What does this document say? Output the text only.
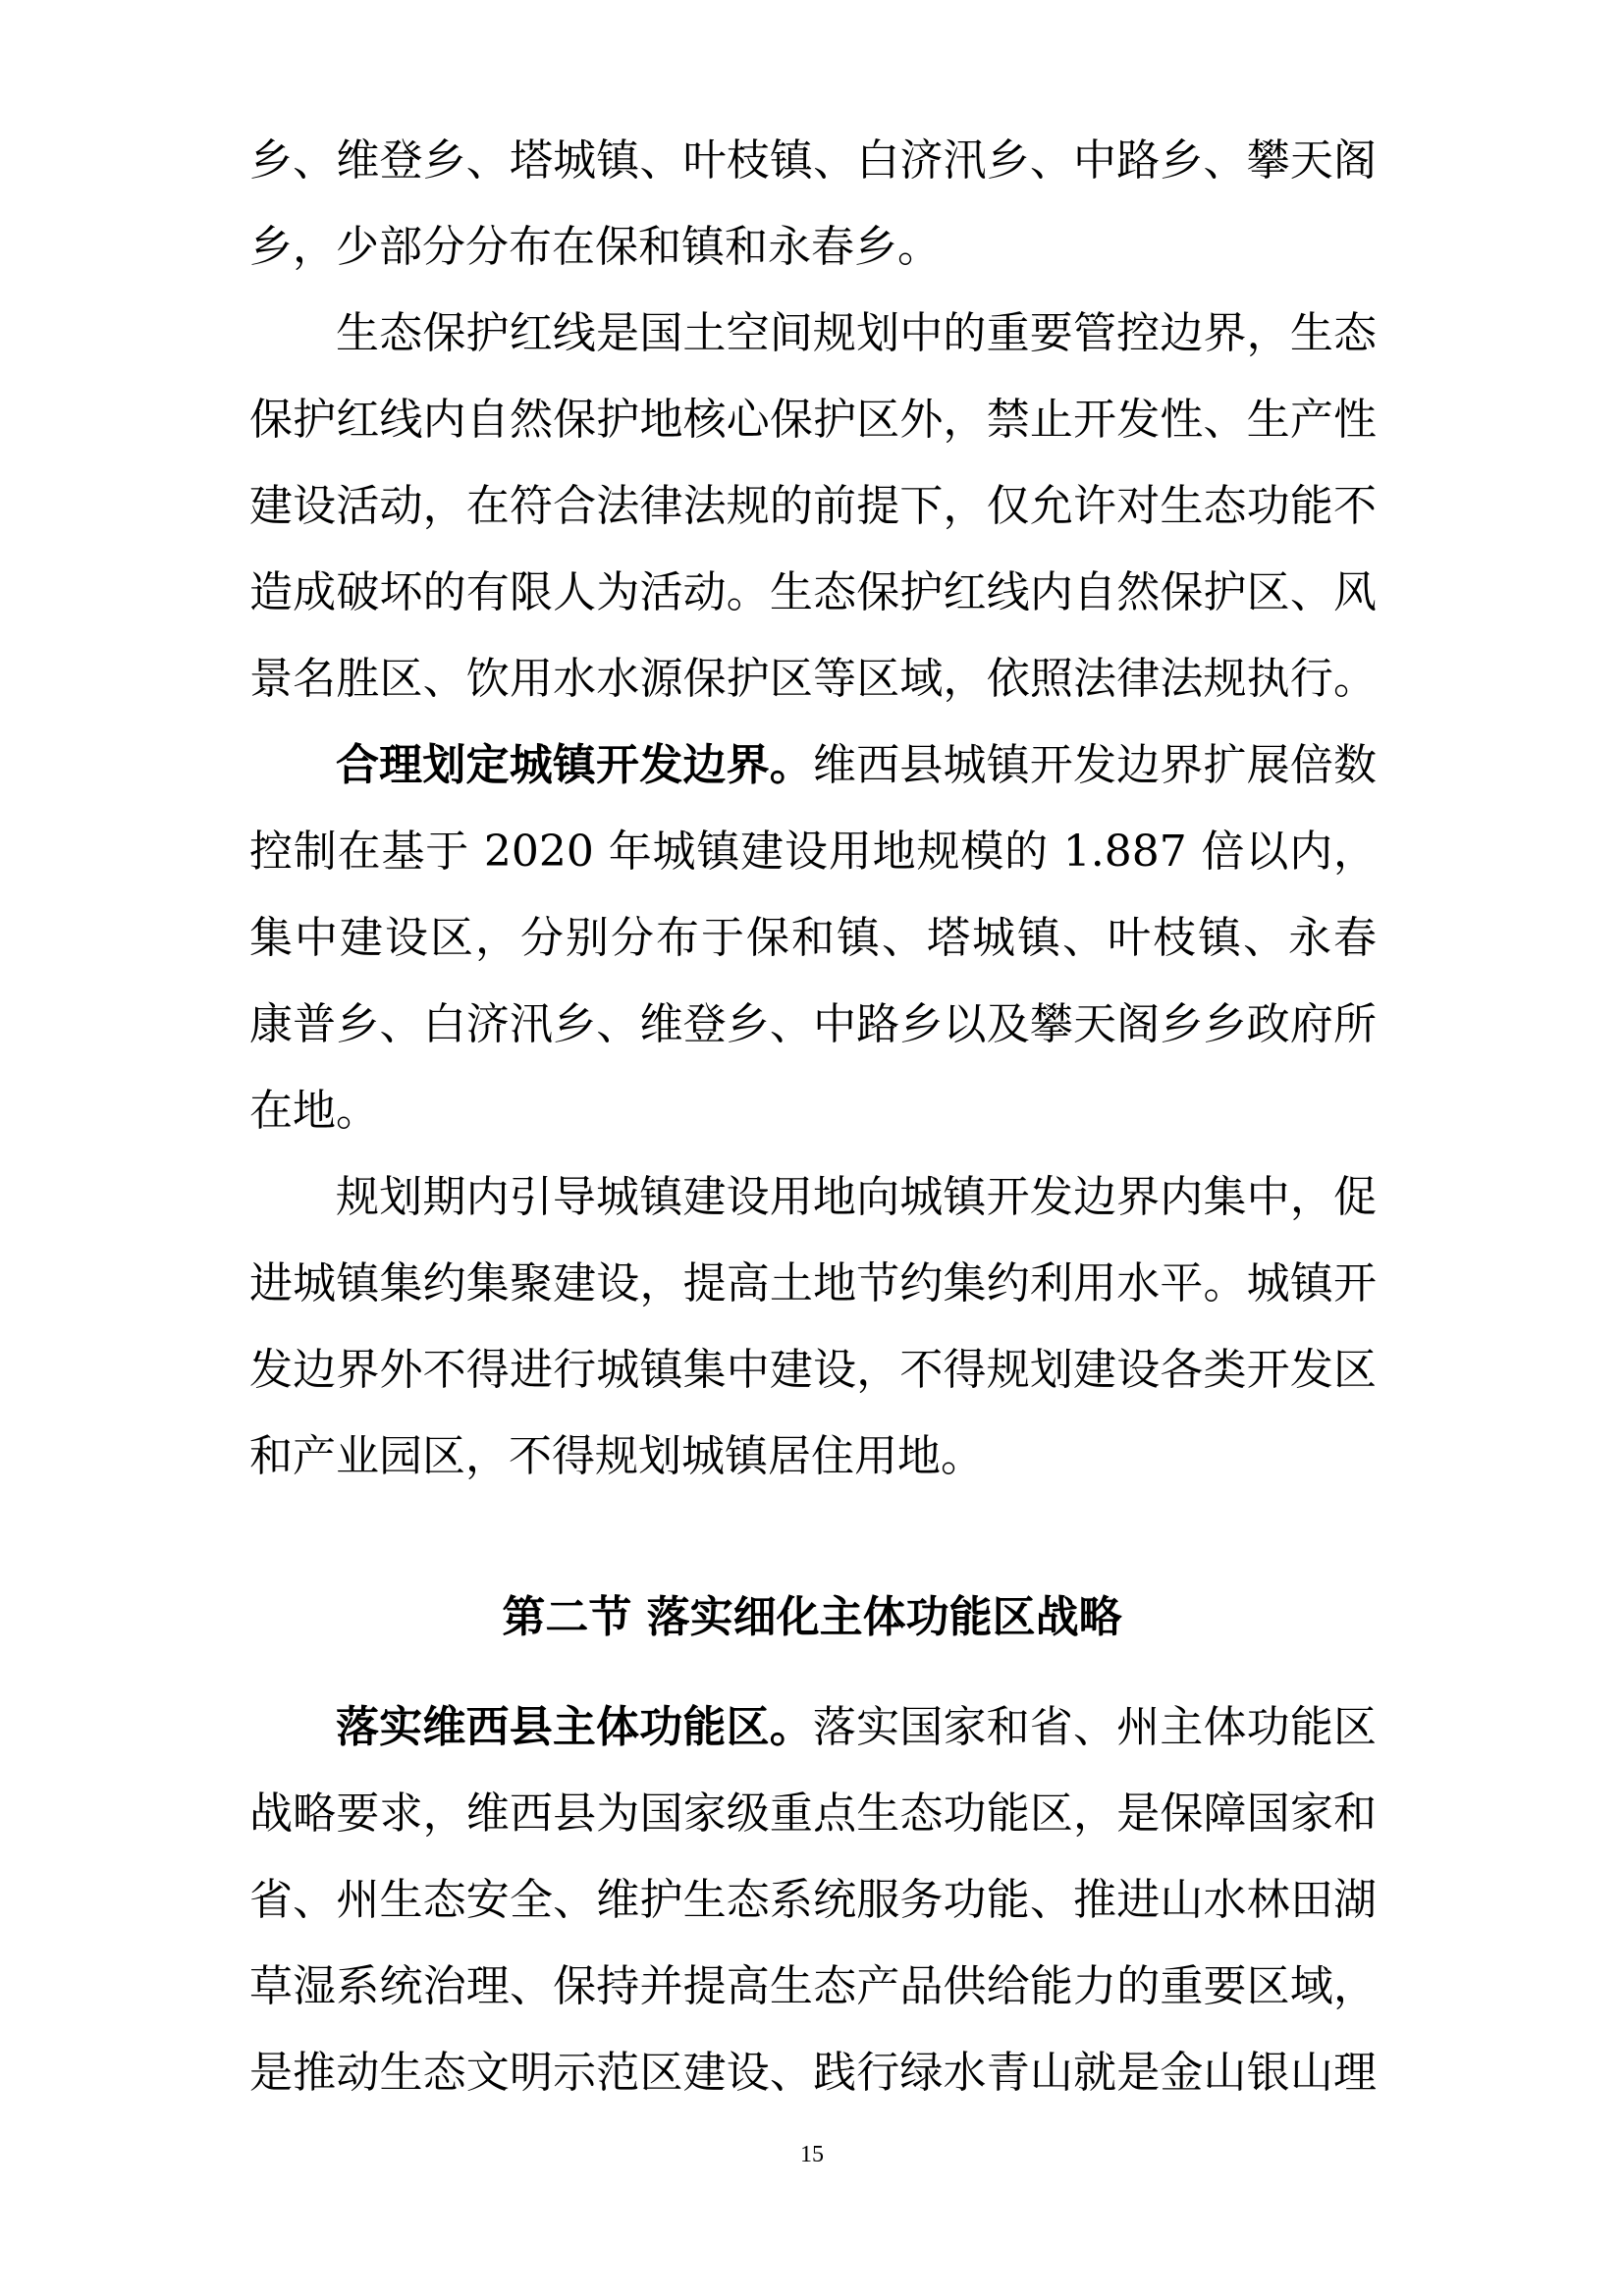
乡、维登乡、塔城镇、叶枝镇、白济汛乡、中路乡、攀天阁
乡，少部分分布在保和镇和永春乡。
生态保护红线是国土空间规划中的重要管控边界，生态
保护红线内自然保护地核心保护区外，禁止开发性、生产性
建设活动，在符合法律法规的前提下，仅允许对生态功能不
造成破坏的有限人为活动。生态保护红线内自然保护区、风
景名胜区、饮用水水源保护区等区域，依照法律法规执行。
合理划定城镇开发边界。维西县城镇开发边界扩展倍数
控制在基于 2020 年城镇建设用地规模的 1.887 倍以内，
集中建设区，分别分布于保和镇、塔城镇、叶枝镇、永春
康普乡、白济汛乡、维登乡、中路乡以及攀天阁乡乡政府所
在地。
规划期内引导城镇建设用地向城镇开发边界内集中，促
进城镇集约集聚建设，提高土地节约集约利用水平。城镇开
发边界外不得进行城镇集中建设，不得规划建设各类开发区
和产业园区，不得规划城镇居住用地。
第二节 落实细化主体功能区战略
落实维西县主体功能区。落实国家和省、州主体功能区
战略要求，维西县为国家级重点生态功能区，是保障国家和
省、州生态安全、维护生态系统服务功能、推进山水林田湖
草湿系统治理、保持并提高生态产品供给能力的重要区域，
是推动生态文明示范区建设、践行绿水青山就是金山银山理
15
